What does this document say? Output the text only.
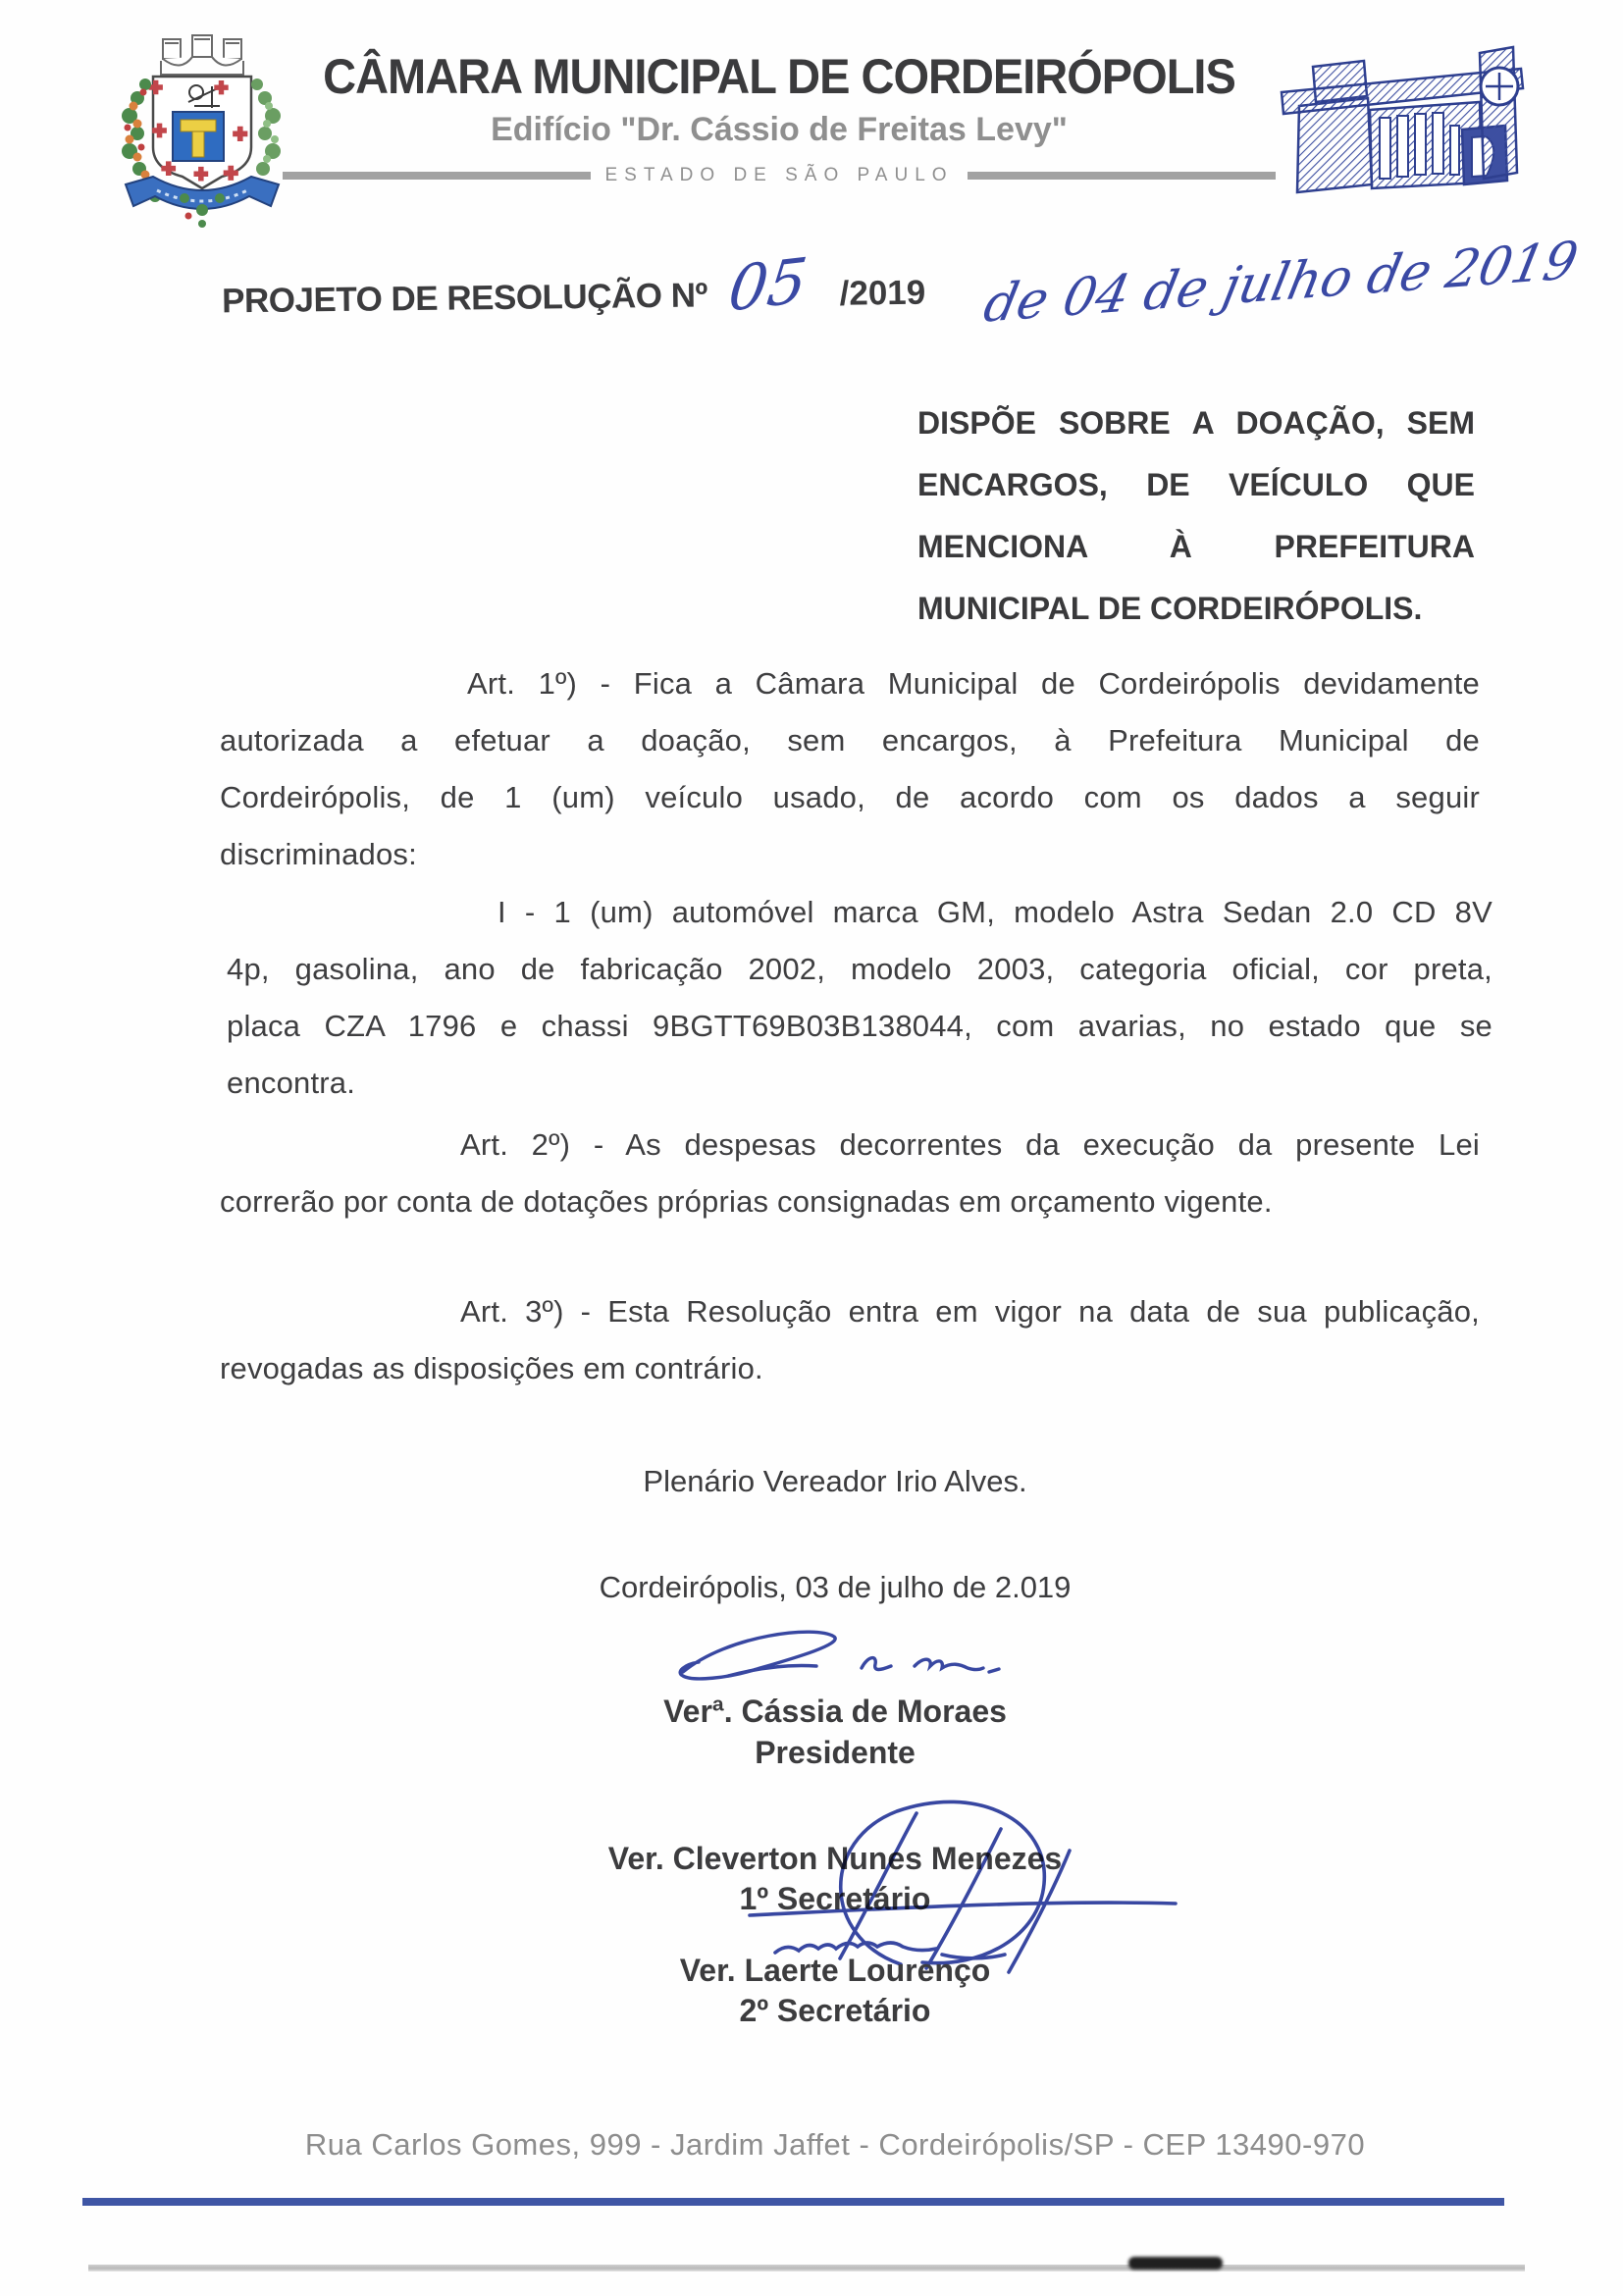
CÂMARA MUNICIPAL DE CORDEIRÓPOLIS
Edifício "Dr. Cássio de Freitas Levy"
ESTADO DE SÃO PAULO
PROJETO DE RESOLUÇÃO Nº 05 /2019 de 04 de julho de 2019
DISPÕE SOBRE A DOAÇÃO, SEM
ENCARGOS, DE VEÍCULO QUE
MENCIONA À PREFEITURA
MUNICIPAL DE CORDEIRÓPOLIS.
Art. 1º) - Fica a Câmara Municipal de Cordeirópolis devidamente
autorizada a efetuar a doação, sem encargos, à Prefeitura Municipal de
Cordeirópolis, de 1 (um) veículo usado, de acordo com os dados a seguir
discriminados:
I - 1 (um) automóvel marca GM, modelo Astra Sedan 2.0 CD 8V
4p, gasolina, ano de fabricação 2002, modelo 2003, categoria oficial, cor preta,
placa CZA 1796 e chassi 9BGTT69B03B138044, com avarias, no estado que se
encontra.
Art. 2º) - As despesas decorrentes da execução da presente Lei
correrão por conta de dotações próprias consignadas em orçamento vigente.
Art. 3º) - Esta Resolução entra em vigor na data de sua publicação,
revogadas as disposições em contrário.
Plenário Vereador Irio Alves.
Cordeirópolis, 03 de julho de 2.019
Verª. Cássia de Moraes
Presidente
Ver. Cleverton Nunes Menezes
1º Secretário
Ver. Laerte Lourenço
2º Secretário
Rua Carlos Gomes, 999 - Jardim Jaffet - Cordeirópolis/SP - CEP 13490-970
